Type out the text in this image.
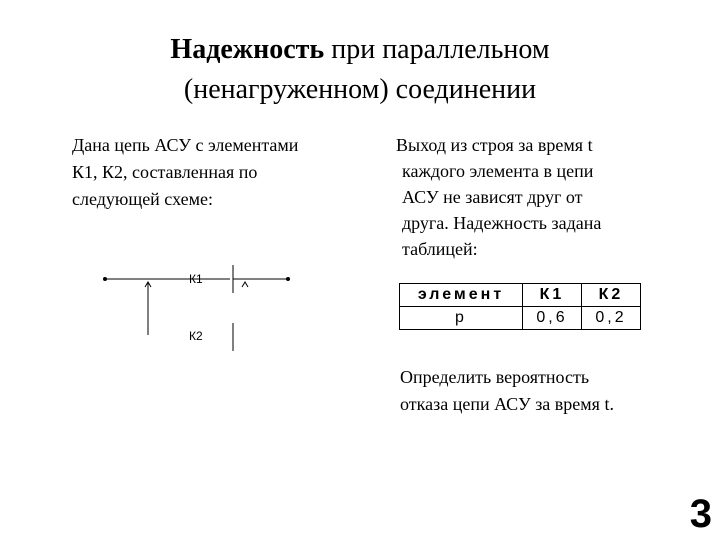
Надежность при параллельном
(ненагруженном) соединении
Дана цепь АСУ с элементами
К1, К2, составленная по
следующей схеме:
Выход из строя за время t
каждого элемента в цепи
АСУ не зависят друг от
друга. Надежность задана
таблицей:
К1
К2
элемент	К1	К2
p	0,6	0,2
Определить вероятность
отказа цепи АСУ за время t.
3
